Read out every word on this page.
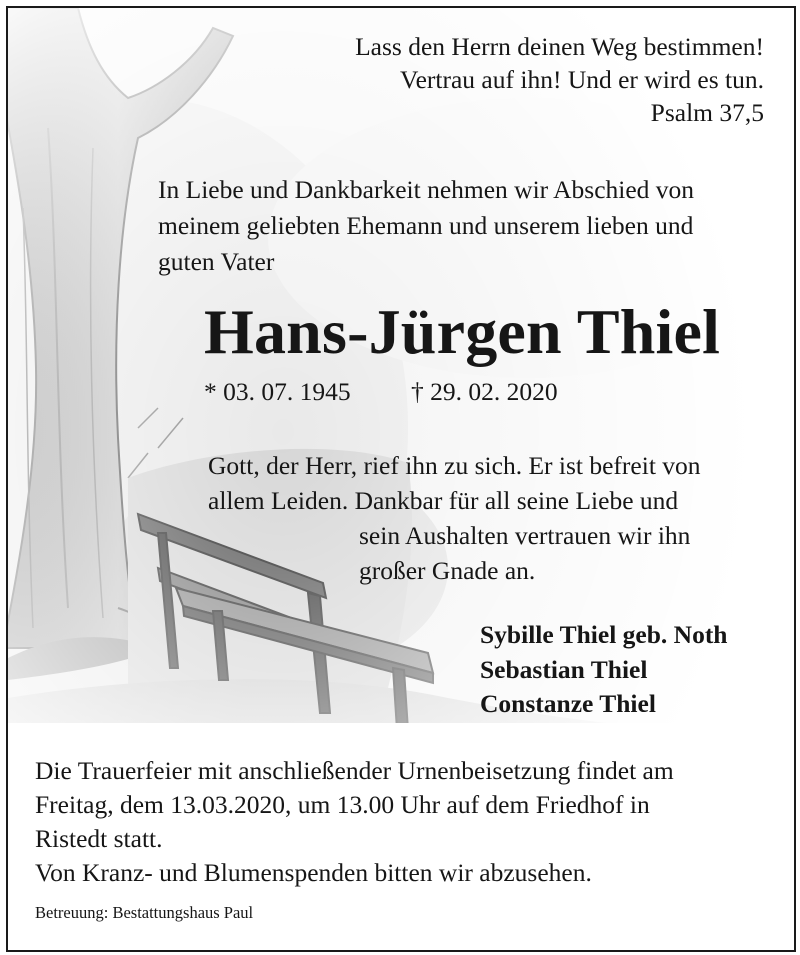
Lass den Herrn deinen Weg bestimmen!
Vertrau auf ihn! Und er wird es tun.
Psalm 37,5
In Liebe und Dankbarkeit nehmen wir Abschied von
meinem geliebten Ehemann und unserem lieben und
guten Vater
Hans-Jürgen Thiel
* 03. 07. 1945 † 29. 02. 2020
Gott, der Herr, rief ihn zu sich. Er ist befreit von
allem Leiden. Dankbar für all seine Liebe und
sein Aushalten vertrauen wir ihn
großer Gnade an.
Sybille Thiel geb. Noth
Sebastian Thiel
Constanze Thiel
Die Trauerfeier mit anschließender Urnenbeisetzung findet am
Freitag, dem 13.03.2020, um 13.00 Uhr auf dem Friedhof in
Ristedt statt.
Von Kranz- und Blumenspenden bitten wir abzusehen.
Betreuung: Bestattungshaus Paul
